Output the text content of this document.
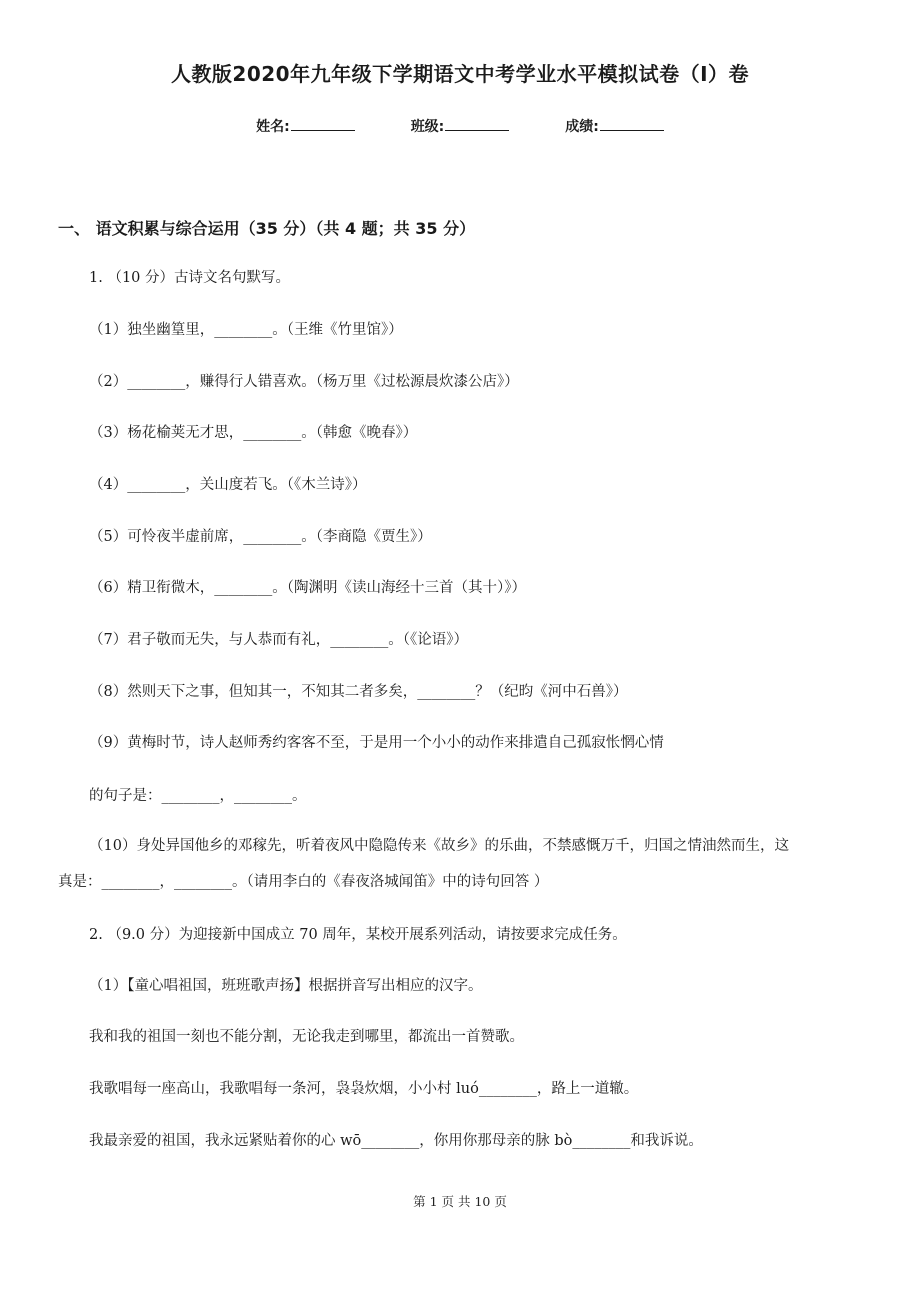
人教版2020年九年级下学期语文中考学业水平模拟试卷（I）卷
姓名:	班级:	成绩:
一、 语文积累与综合运用（35 分）（共 4 题；共 35 分）
1. （10 分）古诗文名句默写。
（1）独坐幽篁里，________。（王维《竹里馆》）
（2）________，赚得行人错喜欢。（杨万里《过松源晨炊漆公店》）
（3）杨花榆荚无才思，________。（韩愈《晚春》）
（4）________，关山度若飞。（《木兰诗》）
（5）可怜夜半虚前席，________。（李商隐《贾生》）
（6）精卫衔微木，________。（陶渊明《读山海经十三首（其十）》）
（7）君子敬而无失，与人恭而有礼，________。（《论语》）
（8）然则天下之事，但知其一，不知其二者多矣，________？（纪昀《河中石兽》）
（9）黄梅时节，诗人赵师秀约客客不至，于是用一个小小的动作来排遣自己孤寂怅惘心情
的句子是：________，________。
（10）身处异国他乡的邓稼先，听着夜风中隐隐传来《故乡》的乐曲，不禁感慨万千，归国之情油然而生，这
真是：________，________。（请用李白的《春夜洛城闻笛》中的诗句回答 ）
2. （9.0 分）为迎接新中国成立 70 周年，某校开展系列活动，请按要求完成任务。
（1）【童心唱祖国，班班歌声扬】根据拼音写出相应的汉字。
我和我的祖国一刻也不能分割，无论我走到哪里，都流出一首赞歌。
我歌唱每一座高山，我歌唱每一条河，袅袅炊烟，小小村 luó________，路上一道辙。
我最亲爱的祖国，我永远紧贴着你的心 wō________，你用你那母亲的脉 bò________和我诉说。
第 1 页 共 10 页
